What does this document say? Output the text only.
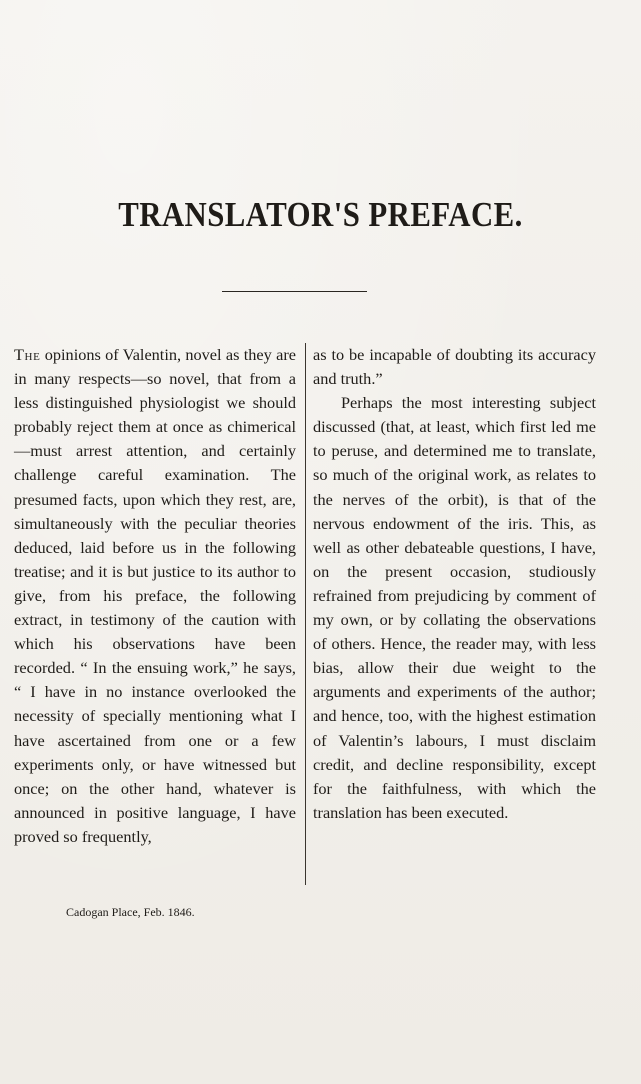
TRANSLATOR'S PREFACE.

The opinions of Valentin, novel as they are in many respects—so novel, that from a less distinguished physiologist we should probably reject them at once as chimerical—must arrest attention, and certainly challenge careful examination. The presumed facts, upon which they rest, are, simultaneously with the peculiar theories deduced, laid before us in the following treatise; and it is but justice to its author to give, from his preface, the following extract, in testimony of the caution with which his observations have been recorded. “ In the ensuing work,” he says, “ I have in no instance overlooked the necessity of specially mentioning what I have ascertained from one or a few experiments only, or have witnessed but once; on the other hand, whatever is announced in positive language, I have proved so frequently,

as to be incapable of doubting its accuracy and truth.”

Perhaps the most interesting subject discussed (that, at least, which first led me to peruse, and determined me to translate, so much of the original work, as relates to the nerves of the orbit), is that of the nervous endowment of the iris. This, as well as other debateable questions, I have, on the present occasion, studiously refrained from prejudicing by comment of my own, or by collating the observations of others. Hence, the reader may, with less bias, allow their due weight to the arguments and experiments of the author; and hence, too, with the highest estimation of Valentin’s labours, I must disclaim credit, and decline responsibility, except for the faithfulness, with which the translation has been executed.

Cadogan Place, Feb. 1846.
